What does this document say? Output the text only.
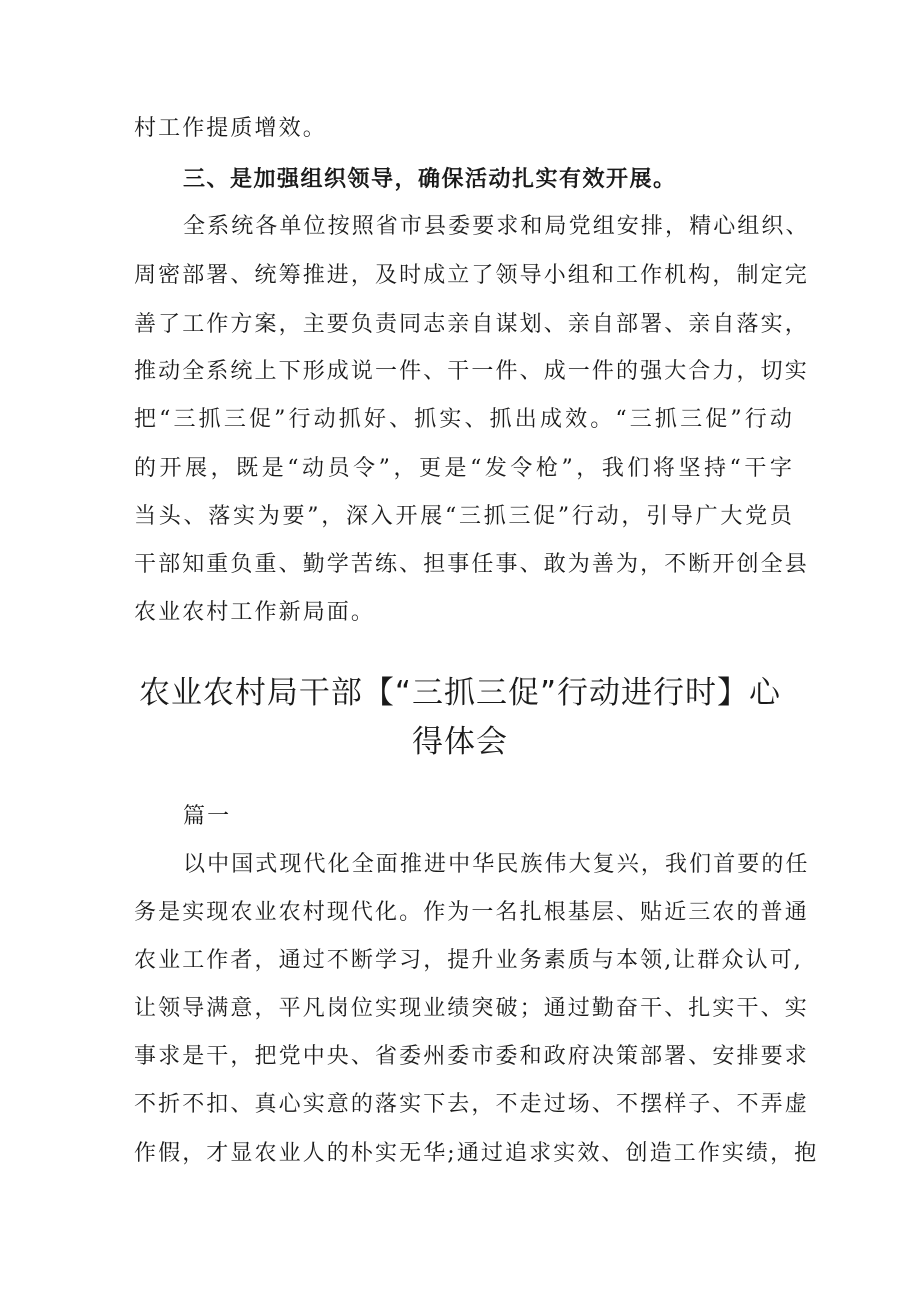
村工作提质增效。
三、是加强组织领导，确保活动扎实有效开展。
全系统各单位按照省市县委要求和局党组安排，精心组织、
周密部署、统筹推进，及时成立了领导小组和工作机构，制定完
善了工作方案，主要负责同志亲自谋划、亲自部署、亲自落实，
推动全系统上下形成说一件、干一件、成一件的强大合力，切实
把“三抓三促”行动抓好、抓实、抓出成效。“三抓三促”行动
的开展，既是“动员令”，更是“发令枪”，我们将坚持“干字
当头、落实为要”，深入开展“三抓三促”行动，引导广大党员
干部知重负重、勤学苦练、担事任事、敢为善为，不断开创全县
农业农村工作新局面。
农业农村局干部【“三抓三促”行动进行时】心
得体会
篇一
以中国式现代化全面推进中华民族伟大复兴，我们首要的任
务是实现农业农村现代化。作为一名扎根基层、贴近三农的普通
农业工作者，通过不断学习，提升业务素质与本领,让群众认可,
让领导满意，平凡岗位实现业绩突破；通过勤奋干、扎实干、实
事求是干，把党中央、省委州委市委和政府决策部署、安排要求
不折不扣、真心实意的落实下去，不走过场、不摆样子、不弄虚
作假，才显农业人的朴实无华;通过追求实效、创造工作实绩，抱
